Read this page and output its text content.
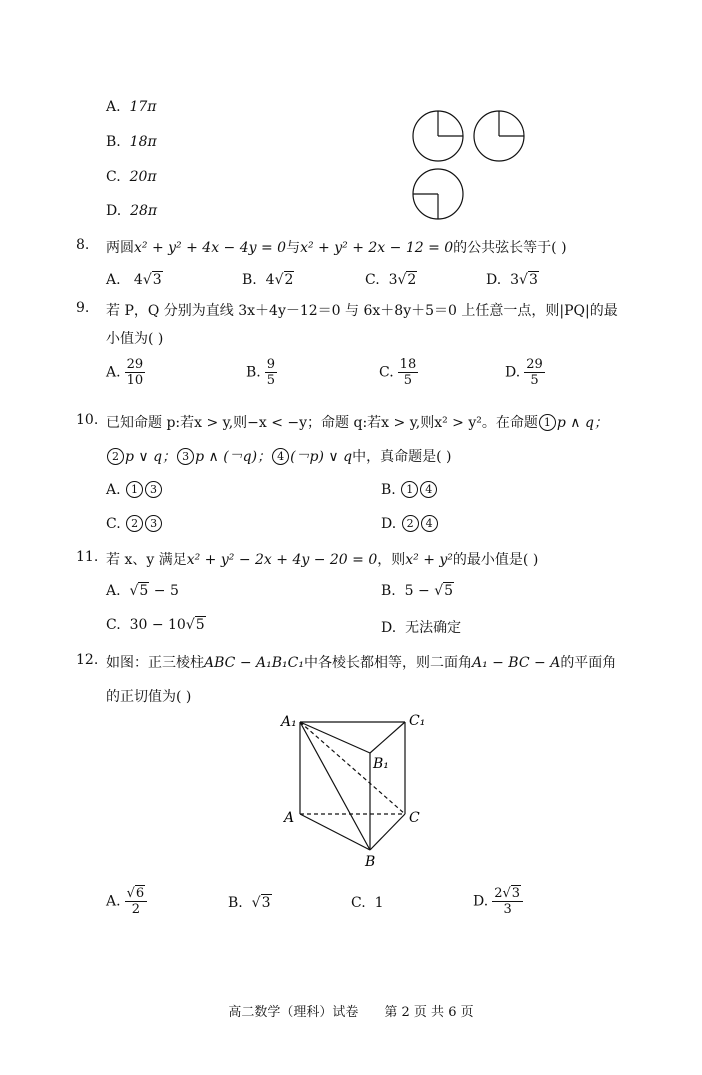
A. 17π
B. 18π
C. 20π
D. 28π
8. 两圆x² + y² + 4x − 4y = 0与x² + y² + 2x − 12 = 0的公共弦长等于( )
A. 4√3	B. 4√2	C. 3√2	D. 3√3
9. 若 P，Q 分别为直线 3x＋4y－12＝0 与 6x＋8y＋5＝0 上任意一点，则|PQ|的最
小值为( )
A. $\frac{29}{10}$	B. $\frac{9}{5}$	C. $\frac{18}{5}$	D. $\frac{29}{5}$
10. 已知命题 p:若x > y,则−x < −y；命题 q:若x > y,则x² > y²。在命题 1 p ∧ q；
2 p ∨ q； 3 p ∧ (￢q)； 4 (￢p) ∨ q中，真命题是( )
A. 1 3	B. 1 4
C. 2 3	D. 2 4
11. 若 x、y 满足x² + y² − 2x + 4y − 20 = 0，则x² + y²的最小值是( )
A. √5 − 5	B. 5 − √5
C. 30 − 10√5	D. 无法确定
12. 如图：正三棱柱ABC − A₁B₁C₁中各棱长都相等，则二面角A₁ − BC − A的平面角
的正切值为( )
A₁	C₁
B₁
A	C
B
A. $\frac{√6}{2}$	B. √3	C. 1	D. $\frac{2√3}{3}$
高二数学（理科）试卷　　第 2 页 共 6 页
